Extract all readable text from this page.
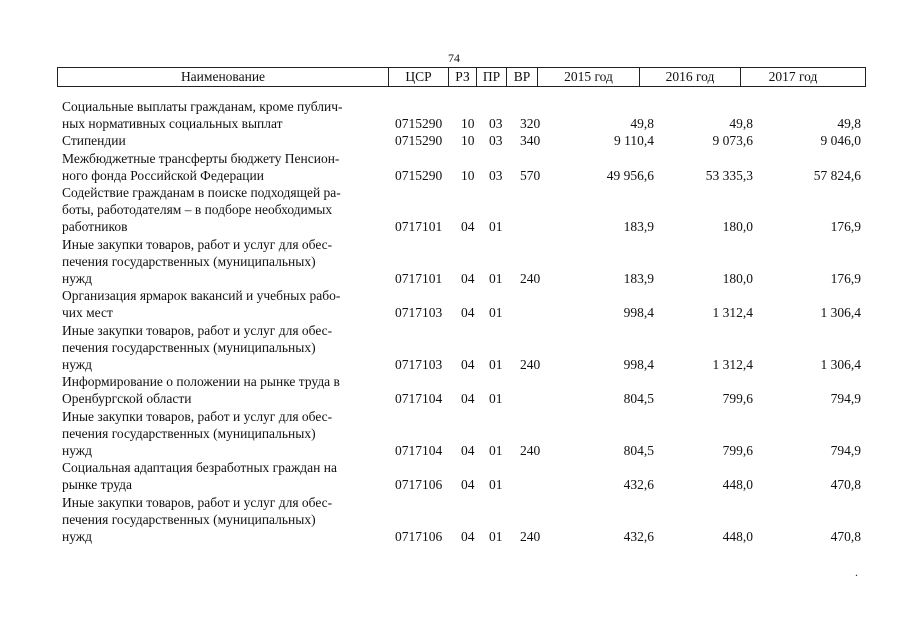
74
Наименование	ЦСР	РЗ ПР	ВР	2015 год	2016 год	2017 год
Социальные выплаты гражданам, кроме публич-
ных нормативных социальных выплат	0715290 10 03 320	49,8	49,8	49,8
Стипендии	0715290 10 03 340	9 110,4	9 073,6	9 046,0
Межбюджетные трансферты бюджету Пенсион-
ного фонда Российской Федерации	0715290 10 03 570	49 956,6	53 335,3	57 824,6
Содействие гражданам в поиске подходящей ра-
боты, работодателям – в подборе необходимых
работников	0717101 04 01	183,9	180,0	176,9
Иные закупки товаров, работ и услуг для обес-
печения государственных (муниципальных)
нужд	0717101 04 01 240	183,9	180,0	176,9
Организация ярмарок вакансий и учебных рабо-
чих мест	0717103 04 01	998,4	1 312,4	1 306,4
Иные закупки товаров, работ и услуг для обес-
печения государственных (муниципальных)
нужд	0717103 04 01 240	998,4	1 312,4	1 306,4
Информирование о положении на рынке труда в
Оренбургской области	0717104 04 01	804,5	799,6	794,9
Иные закупки товаров, работ и услуг для обес-
печения государственных (муниципальных)
нужд	0717104 04 01 240	804,5	799,6	794,9
Социальная адаптация безработных граждан на
рынке труда	0717106 04 01	432,6	448,0	470,8
Иные закупки товаров, работ и услуг для обес-
печения государственных (муниципальных)
нужд	0717106 04 01 240	432,6	448,0	470,8
.
